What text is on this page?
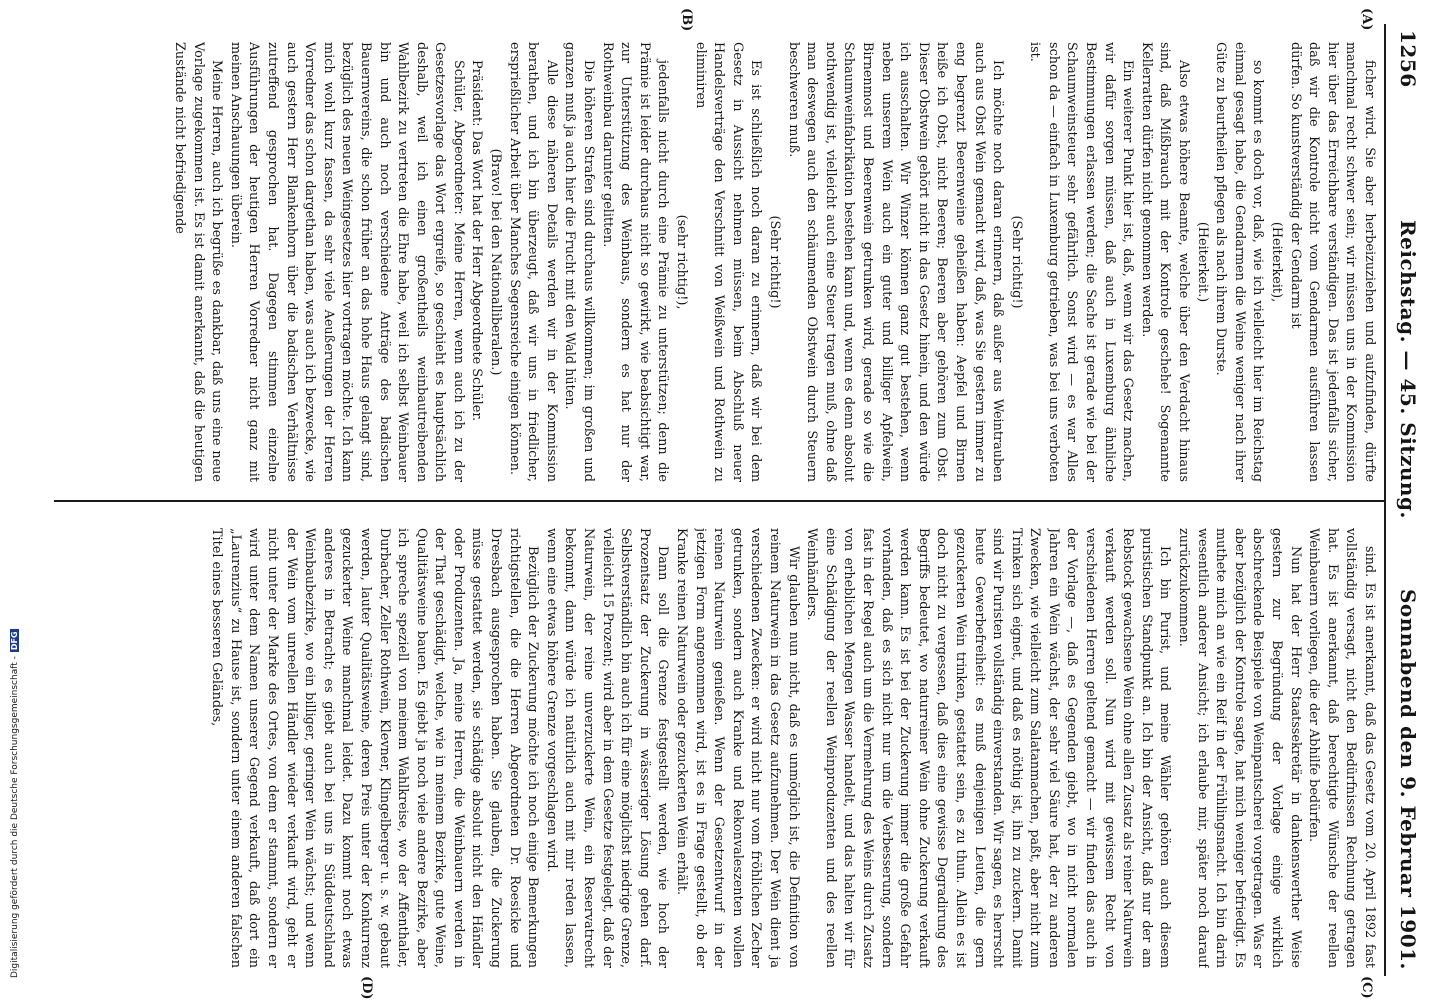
1256
Reichstag. — 45. Sitzung.
Sonnabend den 9. Februar 1901.
(A)
(B)
(C)
(D)

ficher wird. Sie aber herbeizuziehen und aufzufinden, dürfte manchmal recht schwer sein; wir müssen uns in der Kommission hier über das Erreichbare verständigen. Das ist jedenfalls sicher, daß wir die Kontrole nicht vom Gendarmen ausführen lassen dürfen. So kunstverständig der Gendarm ist

(Heiterkeit),

so kommt es doch vor, daß, wie ich vielleicht hier im Reichstag einmal gesagt habe, die Gendarmen die Weine weniger nach ihrer Güte zu beurtheilen pflegen als nach ihrem Durste.

(Heiterkeit.)

Also etwas höhere Beamte, welche über den Verdacht hinaus sind, daß Mißbrauch mit der Kontrole geschehe! Sogenannte Kellerratten dürfen nicht genommen werden.

Ein weiterer Punkt hier ist, daß, wenn wir das Gesetz machen, wir dafür sorgen müssen, daß auch in Luxemburg ähnliche Bestimmungen erlassen werden; die Sache ist gerade wie bei der Schaumweinsteuer sehr gefährlich. Sonst wird — es war Alles schon da — einfach in Luxemburg getrieben, was bei uns verboten ist.

(Sehr richtig!)

Ich möchte noch daran erinnern, daß außer aus Weintrauben auch aus Obst Wein gemacht wird, daß, was Sie gestern immer zu eng begrenzt Beerenweine geheißen haben: Aepfel und Birnen heiße ich Obst, nicht Beeren; Beeren aber gehören zum Obst. Dieser Obstwein gehört nicht in das Gesetz hinein, und den würde ich ausschalten. Wir Winzer können ganz gut bestehen, wenn neben unserem Wein auch ein guter und billiger Apfelwein, Birnenmost und Beerenwein getrunken wird, gerade so wie die Schaumweinfabrikation bestehen kann und, wenn es denn absolut nothwendig ist, vielleicht auch eine Steuer tragen muß, ohne daß man deswegen auch den schäumenden Obstwein durch Steuern beschweren muß.

(Sehr richtig!)

Es ist schließlich noch daran zu erinnern, daß wir bei dem Gesetz in Aussicht nehmen müssen, beim Abschluß neuer Handelsverträge den Verschnitt von Weißwein und Rothwein zu eliminiren

(sehr richtig!),

jedenfalls nicht durch eine Prämie zu unterstützen; denn die Prämie ist leider durchaus nicht so gewirkt, wie beabsichtigt war, zur Unterstützung des Weinbaus, sondern es hat nur der Rothweinbau darunter gelitten.

Die höheren Strafen sind durchaus willkommen; im großen und ganzen muß ja auch hier die Frucht mit den Wald hüten.

Alle diese näheren Details werden wir in der Kommission berathen, und ich bin überzeugt, daß wir uns in friedlicher, ersprießlicher Arbeit über Manches Segensreiche einigen können.

(Bravo! bei den Nationalliberalen.)

Präsident: Das Wort hat der Herr Abgeordnete Schüler.

Schüler, Abgeordneter: Meine Herren, wenn auch ich zu der Gesetzesvorlage das Wort ergreife, so geschieht es hauptsächlich deshalb, weil ich einen großentheils weinbautreibenden Wahlbezirk zu vertreten die Ehre habe, weil ich selbst Weinbauer bin und auch noch verschiedene Anträge des badischen Bauernvereins, die schon früher an das hohe Haus gelangt sind, bezüglich des neuen Weingesetzes hier vortragen möchte. Ich kann mich wohl kurz fassen, da sehr viele Aeußerungen der Herren Vorredner das schon dargethan haben, was auch ich bezwecke, wie auch gestern Herr Blankenhorn über die badischen Verhältnisse zutreffend gesprochen hat. Dagegen stimmen einzelne Ausführungen der heutigen Herren Vorredner nicht ganz mit meinen Anschauungen überein.

Meine Herren, auch ich begrüße es dankbar, daß uns eine neue Vorlage zugekommen ist. Es ist damit anerkannt, daß die heutigen Zustände nicht befriedigende

sind. Es ist anerkannt, daß das Gesetz vom 20. April 1892 fast vollständig versagt, nicht den Bedürfnissen Rechnung getragen hat. Es ist anerkannt, daß berechtigte Wünsche der reellen Weinbauern vorliegen, die der Abhilfe bedürfen.

Nun hat der Herr Staatssekretär in dankenswerther Weise gestern zur Begründung der Vorlage einige wirklich abschreckende Beispiele von Weinpantscherei vorgetragen. Was er aber bezüglich der Kontrole sagte, hat mich weniger befriedigt. Es muthete mich an wie ein Reif in der Frühlingsnacht. Ich bin darin wesentlich anderer Ansicht; ich erlaube mir, später noch darauf zurückzukommen.

Ich bin Purist, und meine Wähler gehören auch diesem puristischen Standpunkt an. Ich bin der Ansicht, daß nur der am Rebstock gewachsene Wein ohne allen Zusatz als reiner Naturwein verkauft werden soll. Nun wird mit gewissem Recht von verschiedenen Herren geltend gemacht — wir finden das auch in der Vorlage —, daß es Gegenden giebt, wo in nicht normalen Jahren ein Wein wächst, der sehr viel Säure hat, der zu anderen Zwecken, wie vielleicht zum Salatanmachen, paßt, aber nicht zum Trinken sich eignet, und daß es nöthig ist, ihn zu zuckern. Damit sind wir Puristen vollständig einverstanden. Wir sagen, es herrscht heute Gewerbefreiheit: es muß denjenigen Leuten, die gern gezuckerten Wein trinken, gestattet sein, es zu thun. Allein es ist doch nicht zu vergessen, daß dies eine gewisse Degradirung des Begriffs bedeutet, wo naturreiner Wein ohne Zuckerung verkauft werden kann. Es ist bei der Zuckerung immer die große Gefahr vorhanden, daß es sich nicht nur um die Verbesserung, sondern fast in der Regel auch um die Vermehrung des Weins durch Zusatz von erheblichen Mengen Wasser handelt, und das halten wir für eine Schädigung der reellen Weinproduzenten und des reellen Weinhändlers.

Wir glauben nun nicht, daß es unmöglich ist, die Definition von reinem Naturwein in das Gesetz aufzunehmen. Der Wein dient ja verschiedenen Zwecken: er wird nicht nur vom fröhlichen Zecher getrunken, sondern auch Kranke und Rekonvaleszenten wollen reinen Naturwein genießen. Wenn der Gesetzentwurf in der jetzigen Form angenommen wird, ist es in Frage gestellt, ob der Kranke reinen Naturwein oder gezuckerten Wein erhält.

Dann soll die Grenze festgestellt werden, wie hoch der Prozentsatz der Zuckerung in wässeriger Lösung gehen darf. Selbstverständlich bin auch ich für eine möglichst niedrige Grenze, vielleicht 15 Prozent; wird aber in dem Gesetze festgelegt, daß der Naturwein, der reine unverzuckerte Wein, ein Reservatrecht bekommt, dann würde ich natürlich auch mit mir reden lassen, wenn eine etwas höhere Grenze vorgeschlagen wird.

Bezüglich der Zuckerung möchte ich noch einige Bemerkungen richtigstellen, die die Herren Abgeordneten Dr. Roesicke und Dreesbach ausgesprochen haben. Sie glauben, die Zuckerung müsse gestattet werden, sie schädige absolut nicht den Händler oder Produzenten. Ja, meine Herren, die Weinbauern werden in der That geschädigt, welche, wie in meinem Bezirke, gute Weine, Qualitätsweine bauen. Es giebt ja noch viele andere Bezirke, aber ich spreche speziell von meinem Wahlkreise, wo der Affenthaler, Durbacher, Zeller Rothwein, Klevner, Klingelberger u. s. w. gebaut werden, lauter Qualitätsweine, deren Preis unter der Konkurrenz gezuckerter Weine manchmal leidet. Dazu kommt noch etwas anderes in Betracht; es giebt auch bei uns in Süddeutschland Weinbaubezirke, wo ein billiger, geringer Wein wächst; und wenn der Wein vom unreellen Händler wieder verkauft wird, geht er nicht unter der Marke des Ortes, von dem er stammt, sondern er wird unter dem Namen unserer Gegend verkauft, daß dort ein „Laurenzius“ zu Hause ist, sondern unter einem anderen falschen Titel eines besseren Geländes,

Digitalisierung gefördert durch die Deutsche Forschungsgemeinschaft -DFG
